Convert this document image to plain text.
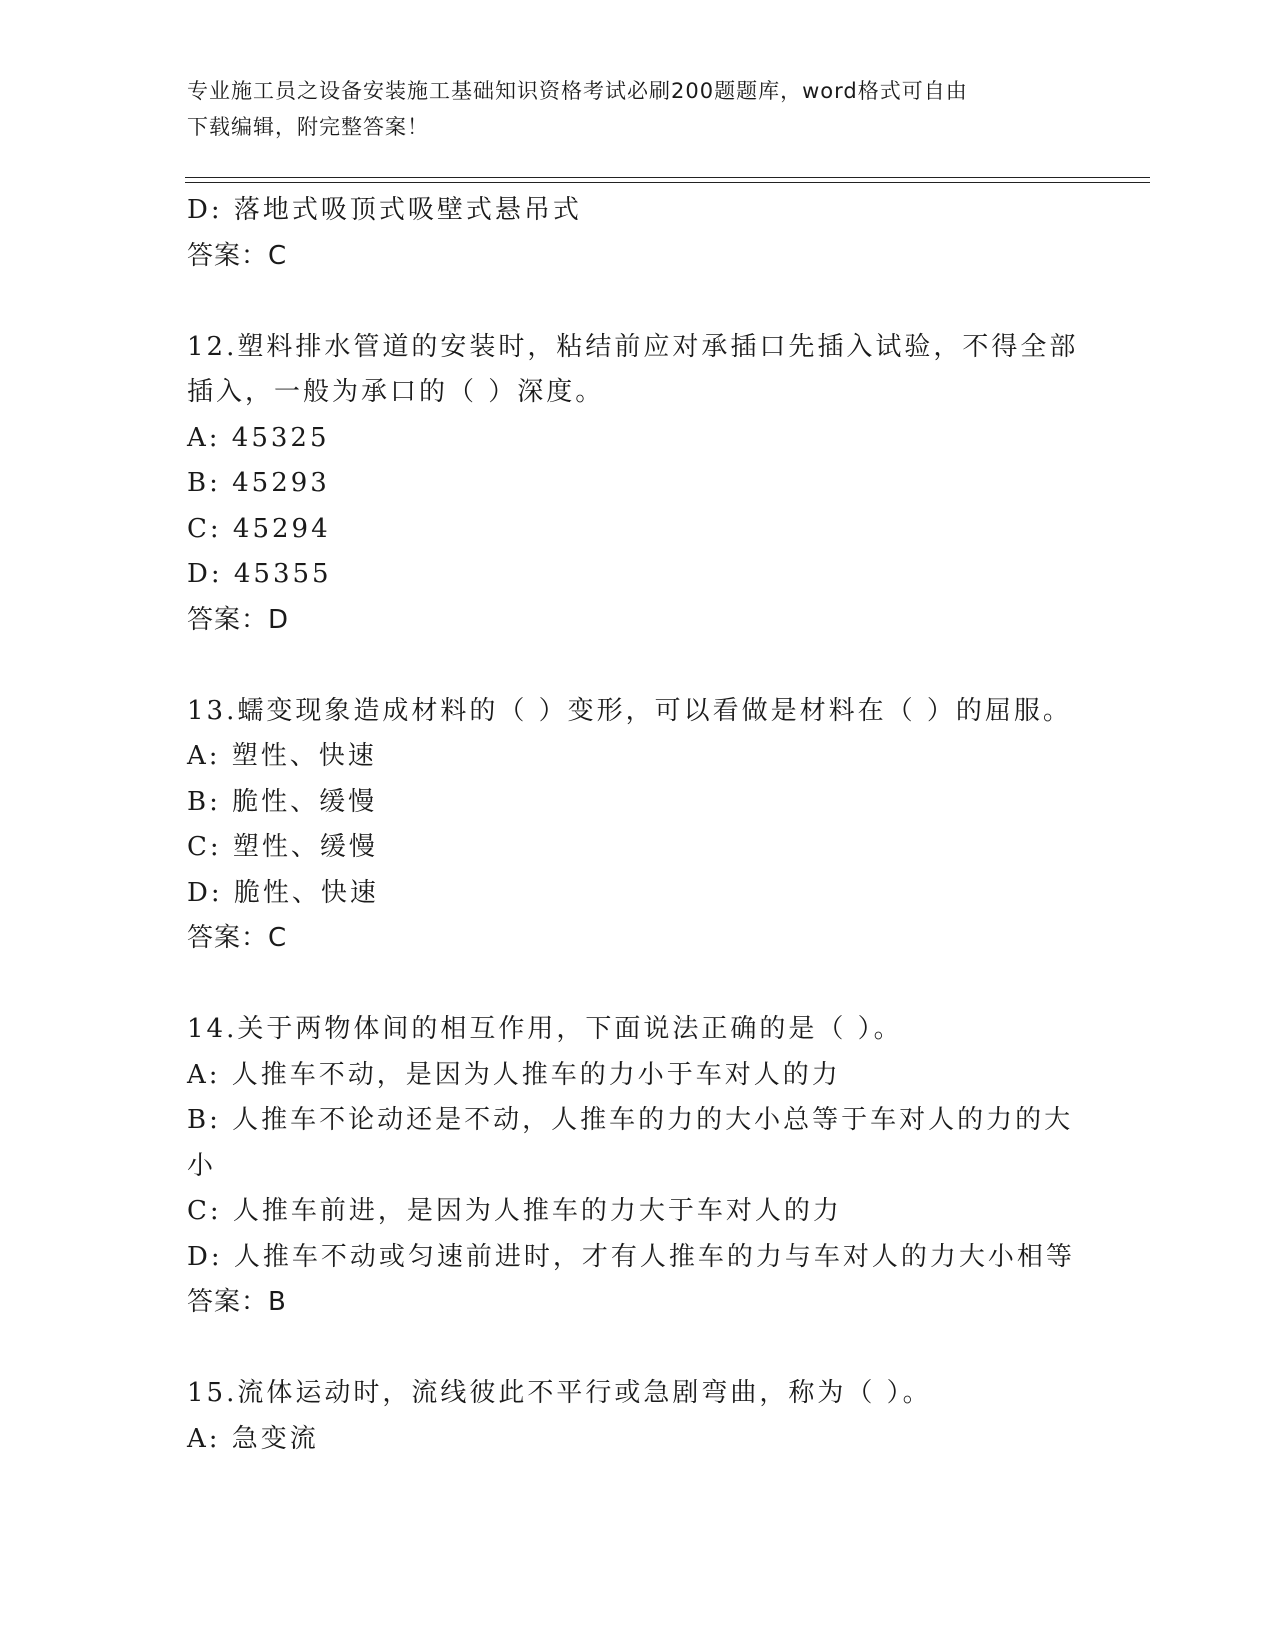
专业施工员之设备安装施工基础知识资格考试必刷200题题库，word格式可自由
下载编辑，附完整答案！
D: 落地式吸顶式吸壁式悬吊式
答案：C
12.塑料排水管道的安装时，粘结前应对承插口先插入试验，不得全部
插入，一般为承口的（ ）深度。
A: 45325
B: 45293
C: 45294
D: 45355
答案：D
13.蠕变现象造成材料的（ ）变形，可以看做是材料在（ ）的屈服。
A: 塑性、快速
B: 脆性、缓慢
C: 塑性、缓慢
D: 脆性、快速
答案：C
14.关于两物体间的相互作用，下面说法正确的是（ ）。
A: 人推车不动，是因为人推车的力小于车对人的力
B: 人推车不论动还是不动，人推车的力的大小总等于车对人的力的大
小
C: 人推车前进，是因为人推车的力大于车对人的力
D: 人推车不动或匀速前进时，才有人推车的力与车对人的力大小相等
答案：B
15.流体运动时，流线彼此不平行或急剧弯曲，称为（ ）。
A: 急变流
